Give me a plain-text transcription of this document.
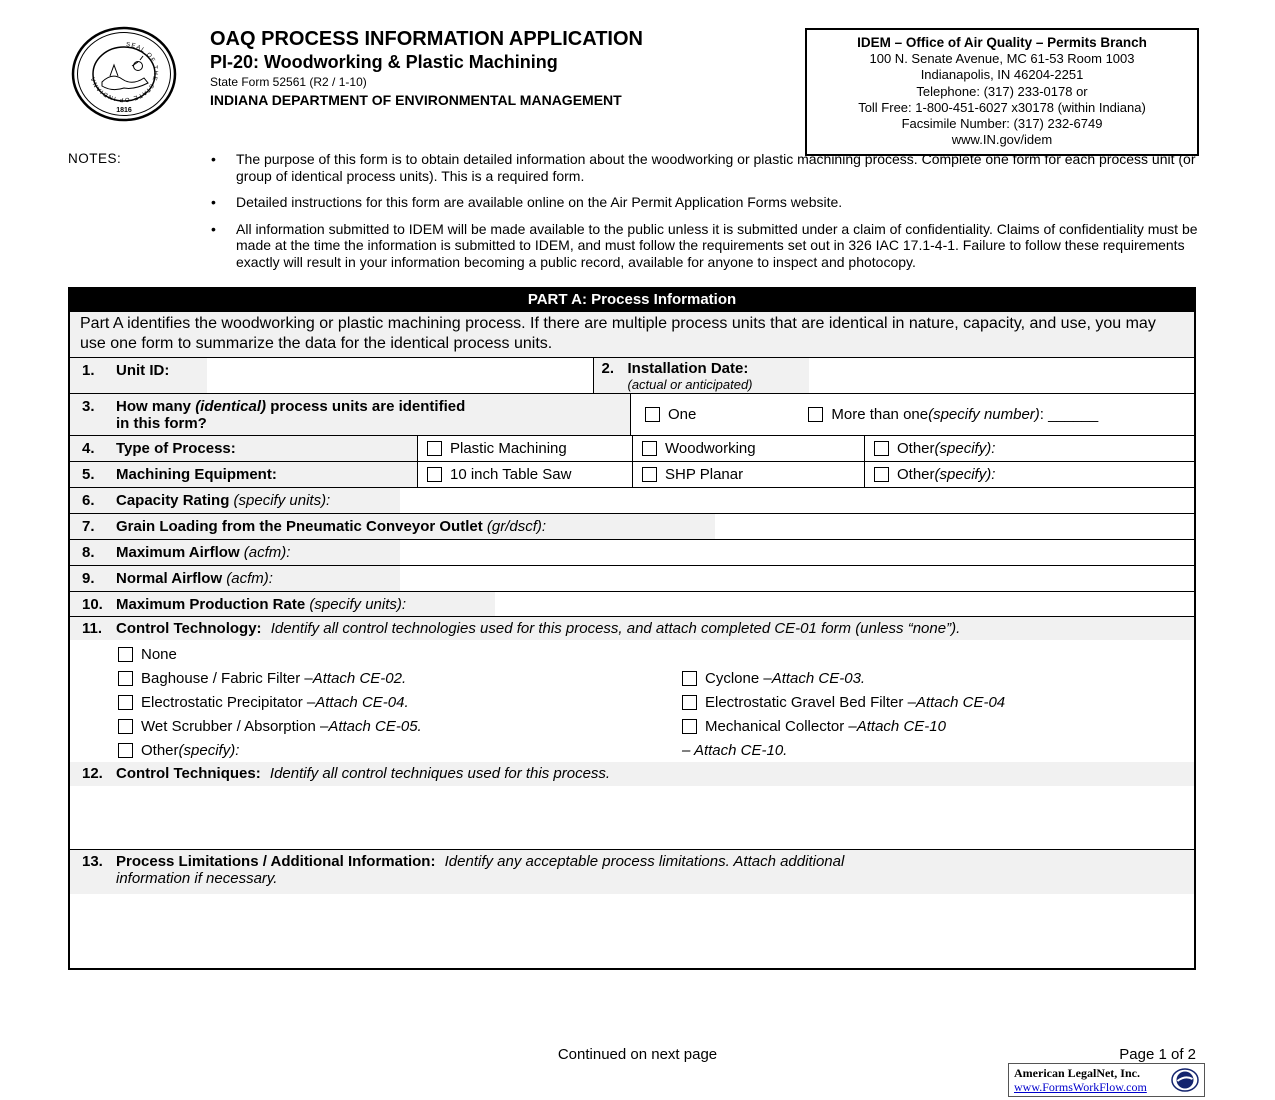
SEAL OF THE STATE OF INDIANA
1816
OAQ PROCESS INFORMATION APPLICATION
PI-20: Woodworking & Plastic Machining
State Form 52561 (R2 / 1-10)
INDIANA DEPARTMENT OF ENVIRONMENTAL MANAGEMENT
IDEM – Office of Air Quality – Permits Branch
100 N. Senate Avenue, MC 61-53 Room 1003
Indianapolis, IN 46204-2251
Telephone: (317) 233-0178 or
Toll Free: 1-800-451-6027 x30178 (within Indiana)
Facsimile Number: (317) 232-6749
www.IN.gov/idem
NOTES:	•	The purpose of this form is to obtain detailed information about the woodworking or plastic machining process. Complete one form for each process unit (or group of identical process units). This is a required form.
•	Detailed instructions for this form are available online on the Air Permit Application Forms website.
•	All information submitted to IDEM will be made available to the public unless it is submitted under a claim of confidentiality. Claims of confidentiality must be made at the time the information is submitted to IDEM, and must follow the requirements set out in 326 IAC 17.1-4-1. Failure to follow these requirements exactly will result in your information becoming a public record, available for anyone to inspect and photocopy.
PART A: Process Information
Part A identifies the woodworking or plastic machining process. If there are multiple process units that are identical in nature, capacity, and use, you may use one form to summarize the data for the identical process units.
1. Unit ID:	2. Installation Date:
(actual or anticipated)
3.	How many (identical) process units are identified
in this form?
One	More than one (specify number) : ______
4. Type of Process:	Plastic Machining	Woodworking	Other (specify):
5. Machining Equipment:	10 inch Table Saw	SHP Planar	Other (specify):
6. Capacity Rating (specify units):
7. Grain Loading from the Pneumatic Conveyor Outlet (gr/dscf):
8. Maximum Airflow (acfm):
9. Normal Airflow (acfm):
10. Maximum Production Rate (specify units):
11. Control Technology: Identify all control technologies used for this process, and attach completed CE-01 form (unless “none”).
None
Baghouse / Fabric Filter – Attach CE-02.	Cyclone – Attach CE-03.
Electrostatic Precipitator – Attach CE-04.	Electrostatic Gravel Bed Filter – Attach CE-04
Wet Scrubber / Absorption – Attach CE-05.	Mechanical Collector – Attach CE-10
Other (specify):	– Attach CE-10.
12. Control Techniques: Identify all control techniques used for this process.
13. Process Limitations / Additional Information: Identify any acceptable process limitations. Attach additional
information if necessary.
Continued on next page	Page 1 of 2
American LegalNet, Inc.
www.FormsWorkFlow.com
